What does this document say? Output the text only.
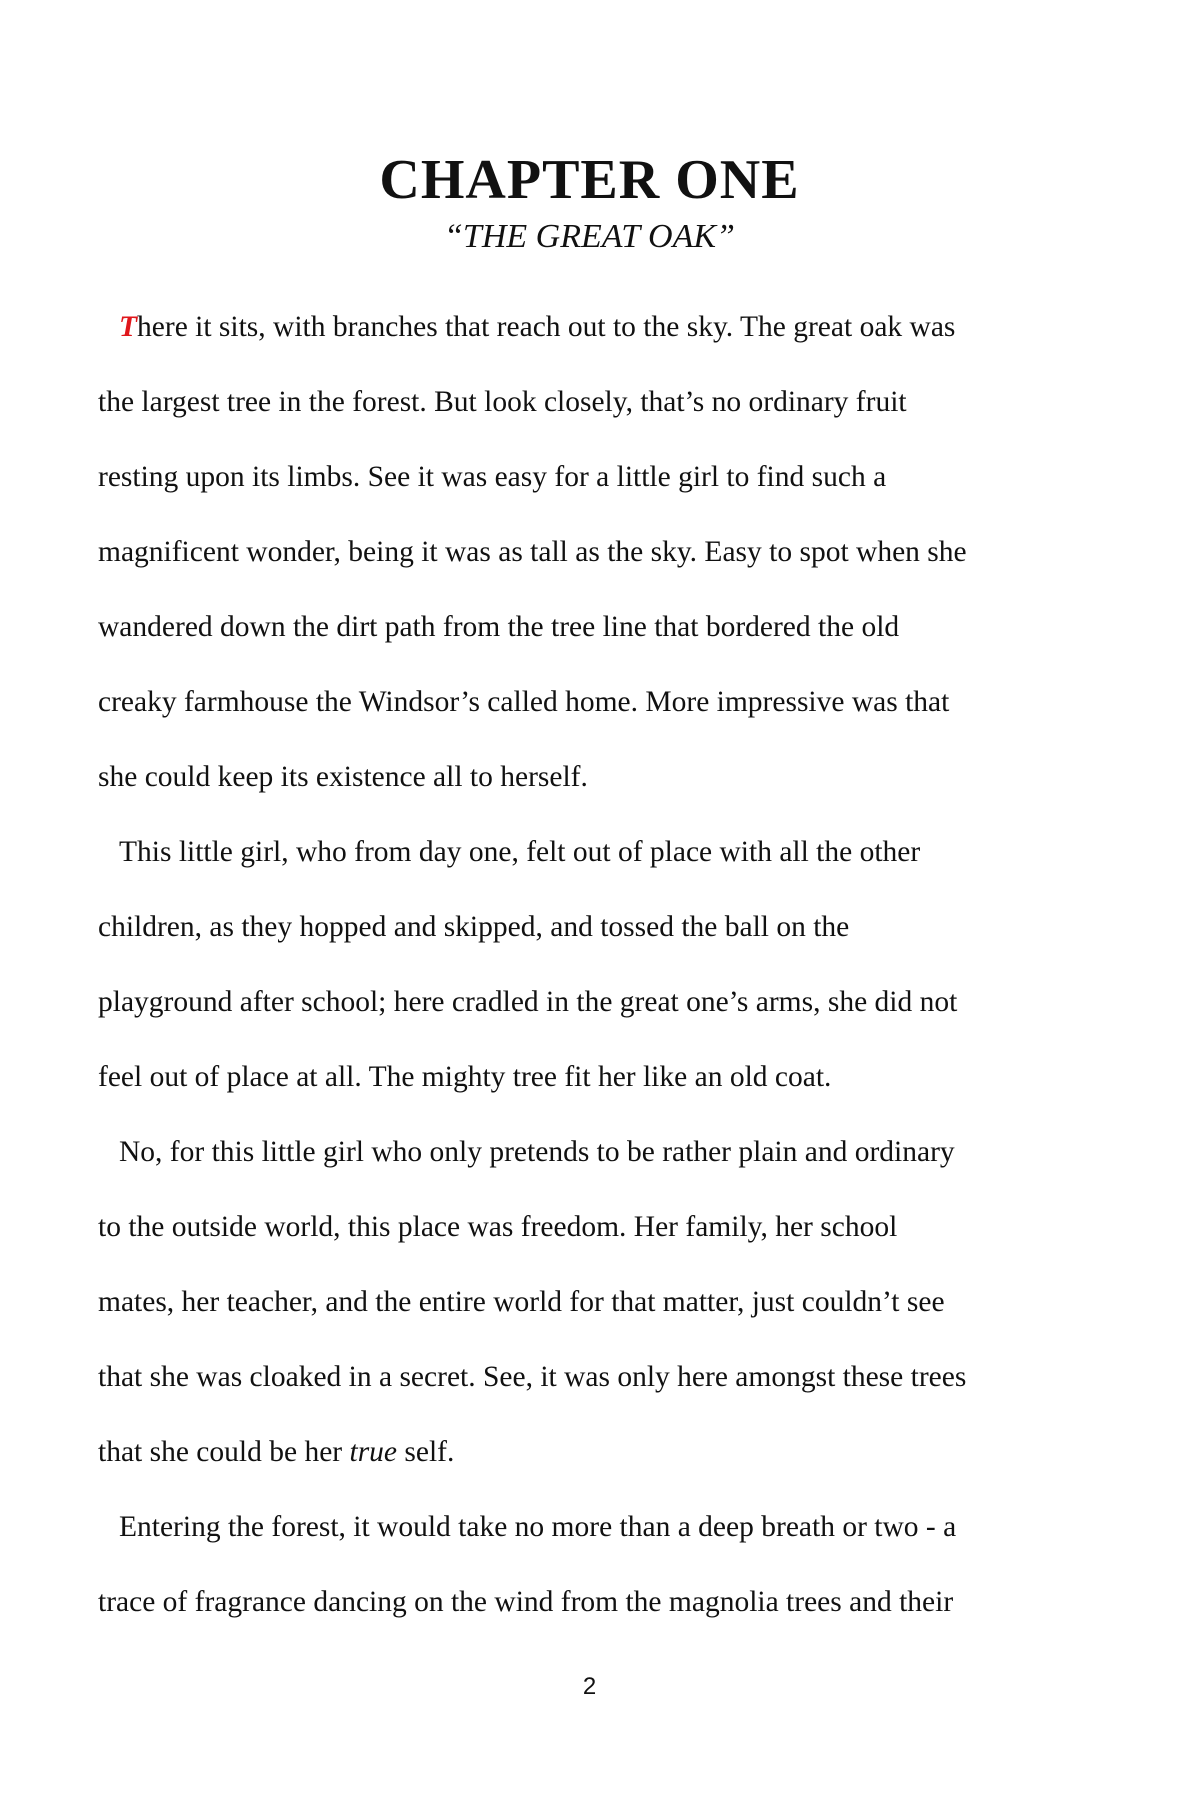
CHAPTER ONE
“THE GREAT OAK”
There it sits, with branches that reach out to the sky. The great oak was
the largest tree in the forest. But look closely, that’s no ordinary fruit
resting upon its limbs. See it was easy for a little girl to find such a
magnificent wonder, being it was as tall as the sky. Easy to spot when she
wandered down the dirt path from the tree line that bordered the old
creaky farmhouse the Windsor’s called home. More impressive was that
she could keep its existence all to herself.
This little girl, who from day one, felt out of place with all the other
children, as they hopped and skipped, and tossed the ball on the
playground after school; here cradled in the great one’s arms, she did not
feel out of place at all. The mighty tree fit her like an old coat.
No, for this little girl who only pretends to be rather plain and ordinary
to the outside world, this place was freedom. Her family, her school
mates, her teacher, and the entire world for that matter, just couldn’t see
that she was cloaked in a secret. See, it was only here amongst these trees
that she could be her true self.
Entering the forest, it would take no more than a deep breath or two - a
trace of fragrance dancing on the wind from the magnolia trees and their
2
